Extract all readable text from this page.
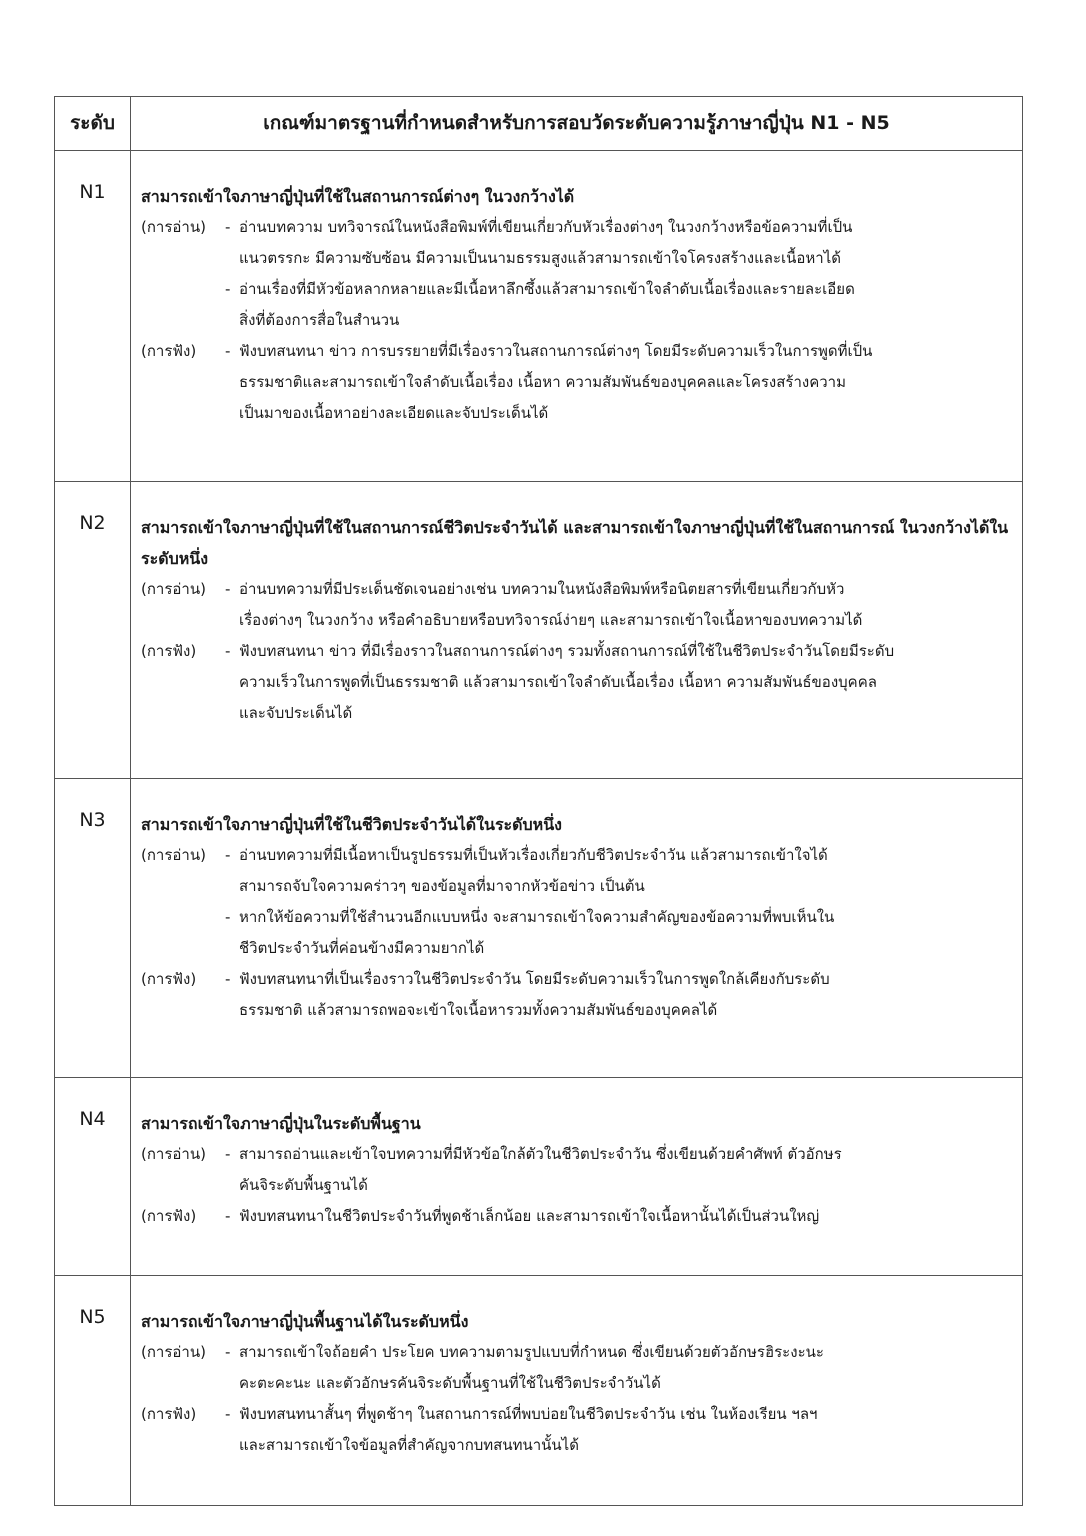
ระดับ	เกณฑ์มาตรฐานที่กำหนดสำหรับการสอบวัดระดับความรู้ภาษาญี่ปุ่น N1 - N5
N1	สามารถเข้าใจภาษาญี่ปุ่นที่ใช้ในสถานการณ์ต่างๆ ในวงกว้างได้
(การอ่าน)	- อ่านบทความ บทวิจารณ์ในหนังสือพิมพ์ที่เขียนเกี่ยวกับหัวเรื่องต่างๆ ในวงกว้างหรือข้อความที่เป็น
แนวตรรกะ มีความซับซ้อน มีความเป็นนามธรรมสูงแล้วสามารถเข้าใจโครงสร้างและเนื้อหาได้
- อ่านเรื่องที่มีหัวข้อหลากหลายและมีเนื้อหาลึกซึ้งแล้วสามารถเข้าใจลำดับเนื้อเรื่องและรายละเอียด
สิ่งที่ต้องการสื่อในสำนวน
(การฟัง)	- ฟังบทสนทนา ข่าว การบรรยายที่มีเรื่องราวในสถานการณ์ต่างๆ โดยมีระดับความเร็วในการพูดที่เป็น
ธรรมชาติและสามารถเข้าใจลำดับเนื้อเรื่อง เนื้อหา ความสัมพันธ์ของบุคคลและโครงสร้างความ
เป็นมาของเนื้อหาอย่างละเอียดและจับประเด็นได้
N2	สามารถเข้าใจภาษาญี่ปุ่นที่ใช้ในสถานการณ์ชีวิตประจำวันได้ และสามารถเข้าใจภาษาญี่ปุ่นที่ใช้ในสถานการณ์ ในวงกว้างได้ในระดับหนึ่ง
(การอ่าน)	- อ่านบทความที่มีประเด็นชัดเจนอย่างเช่น บทความในหนังสือพิมพ์หรือนิตยสารที่เขียนเกี่ยวกับหัว
เรื่องต่างๆ ในวงกว้าง หรือคำอธิบายหรือบทวิจารณ์ง่ายๆ และสามารถเข้าใจเนื้อหาของบทความได้
(การฟัง)	- ฟังบทสนทนา ข่าว ที่มีเรื่องราวในสถานการณ์ต่างๆ รวมทั้งสถานการณ์ที่ใช้ในชีวิตประจำวันโดยมีระดับ
ความเร็วในการพูดที่เป็นธรรมชาติ แล้วสามารถเข้าใจลำดับเนื้อเรื่อง เนื้อหา ความสัมพันธ์ของบุคคล
และจับประเด็นได้
N3	สามารถเข้าใจภาษาญี่ปุ่นที่ใช้ในชีวิตประจำวันได้ในระดับหนึ่ง
(การอ่าน)	- อ่านบทความที่มีเนื้อหาเป็นรูปธรรมที่เป็นหัวเรื่องเกี่ยวกับชีวิตประจำวัน แล้วสามารถเข้าใจได้
สามารถจับใจความคร่าวๆ ของข้อมูลที่มาจากหัวข้อข่าว เป็นต้น
- หากให้ข้อความที่ใช้สำนวนอีกแบบหนึ่ง จะสามารถเข้าใจความสำคัญของข้อความที่พบเห็นใน
ชีวิตประจำวันที่ค่อนข้างมีความยากได้
(การฟัง)	- ฟังบทสนทนาที่เป็นเรื่องราวในชีวิตประจำวัน โดยมีระดับความเร็วในการพูดใกล้เคียงกับระดับ
ธรรมชาติ แล้วสามารถพอจะเข้าใจเนื้อหารวมทั้งความสัมพันธ์ของบุคคลได้
N4	สามารถเข้าใจภาษาญี่ปุ่นในระดับพื้นฐาน
(การอ่าน)	- สามารถอ่านและเข้าใจบทความที่มีหัวข้อใกล้ตัวในชีวิตประจำวัน ซึ่งเขียนด้วยคำศัพท์ ตัวอักษร
คันจิระดับพื้นฐานได้
(การฟัง)	- ฟังบทสนทนาในชีวิตประจำวันที่พูดช้าเล็กน้อย และสามารถเข้าใจเนื้อหานั้นได้เป็นส่วนใหญ่
N5	สามารถเข้าใจภาษาญี่ปุ่นพื้นฐานได้ในระดับหนึ่ง
(การอ่าน)	- สามารถเข้าใจถ้อยคำ ประโยค บทความตามรูปแบบที่กำหนด ซึ่งเขียนด้วยตัวอักษรฮิระงะนะ
คะตะคะนะ และตัวอักษรคันจิระดับพื้นฐานที่ใช้ในชีวิตประจำวันได้
(การฟัง)	- ฟังบทสนทนาสั้นๆ ที่พูดช้าๆ ในสถานการณ์ที่พบบ่อยในชีวิตประจำวัน เช่น ในห้องเรียน ฯลฯ
และสามารถเข้าใจข้อมูลที่สำคัญจากบทสนทนานั้นได้
